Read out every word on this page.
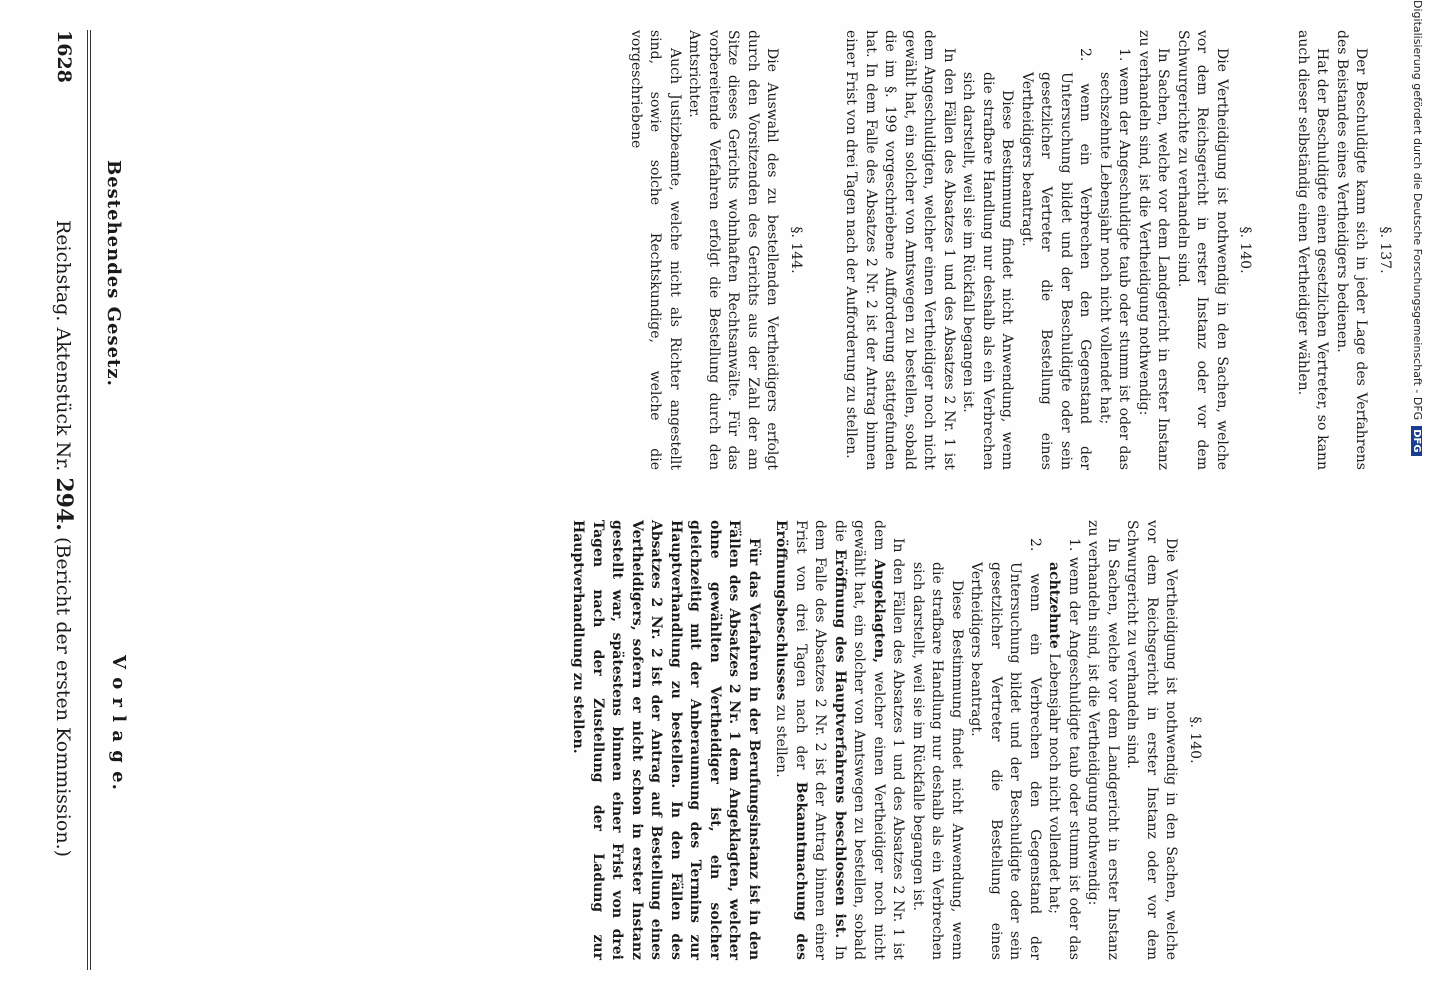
1628
Reichstag. Aktenstück Nr. 294. (Bericht der ersten Kommission.)
Bestehendes Gesetz.
V o r l a g e.

§. 137.

Der Beschuldigte kann sich in jeder Lage des Verfahrens des Beistandes eines Vertheidigers bedienen.

Hat der Beschuldigte einen gesetzlichen Vertreter, so kann auch dieser selbständig einen Vertheidiger wählen.

§. 140.

Die Vertheidigung ist nothwendig in den Sachen, welche vor dem Reichsgericht in erster Instanz oder vor dem Schwurgerichte zu verhandeln sind.

In Sachen, welche vor dem Landgericht in erster Instanz zu verhandeln sind, ist die Vertheidigung nothwendig:

1. wenn der Angeschuldigte taub oder stumm ist oder das sechszehnte Lebensjahr noch nicht vollendet hat;

2. wenn ein Verbrechen den Gegenstand der Untersuchung bildet und der Beschuldigte oder sein gesetzlicher Vertreter die Bestellung eines Vertheidigers beantragt.

Diese Bestimmung findet nicht Anwendung, wenn die strafbare Handlung nur deshalb als ein Verbrechen sich darstellt, weil sie im Rückfall begangen ist.

In den Fällen des Absatzes 1 und des Absatzes 2 Nr. 1 ist dem Angeschuldigten, welcher einen Vertheidiger noch nicht gewählt hat, ein solcher von Amtswegen zu bestellen, sobald die im §. 199 vorgeschriebene Aufforderung stattgefunden hat. In dem Falle des Absatzes 2 Nr. 2 ist der Antrag binnen einer Frist von drei Tagen nach der Aufforderung zu stellen.

§. 144.

Die Auswahl des zu bestellenden Vertheidigers erfolgt durch den Vorsitzenden des Gerichts aus der Zahl der am Sitze dieses Gerichts wohnhaften Rechtsanwälte. Für das vorbereitende Verfahren erfolgt die Bestellung durch den Amtsrichter.

Auch Justizbeamte, welche nicht als Richter angestellt sind, sowie solche Rechtskundige, welche die vorgeschriebene

§. 140.

Die Vertheidigung ist nothwendig in den Sachen, welche vor dem Reichsgericht in erster Instanz oder vor dem Schwurgericht zu verhandeln sind.

In Sachen, welche vor dem Landgericht in erster Instanz zu verhandeln sind, ist die Vertheidigung nothwendig:

1. wenn der Angeschuldigte taub oder stumm ist oder das achtzehnte Lebensjahr noch nicht vollendet hat;

2. wenn ein Verbrechen den Gegenstand der Untersuchung bildet und der Beschuldigte oder sein gesetzlicher Vertreter die Bestellung eines Vertheidigers beantragt.

Diese Bestimmung findet nicht Anwendung, wenn die strafbare Handlung nur deshalb als ein Verbrechen sich darstellt, weil sie im Rückfalle begangen ist.

In den Fällen des Absatzes 1 und des Absatzes 2 Nr. 1 ist dem Angeklagten, welcher einen Vertheidiger noch nicht gewählt hat, ein solcher von Amtswegen zu bestellen, sobald die Eröffnung des Hauptverfahrens beschlossen ist. In dem Falle des Absatzes 2 Nr. 2 ist der Antrag binnen einer Frist von drei Tagen nach der Bekanntmachung des Eröffnungsbeschlusses zu stellen.

Für das Verfahren in der Berufungsinstanz ist in den Fällen des Absatzes 2 Nr. 1 dem Angeklagten, welcher ohne gewählten Vertheidiger ist, ein solcher gleichzeitig mit der Anberaumung des Termins zur Hauptverhandlung zu bestellen. In den Fällen des Absatzes 2 Nr. 2 ist der Antrag auf Bestellung eines Vertheidigers, sofern er nicht schon in erster Instanz gestellt war, spätestens binnen einer Frist von drei Tagen nach der Zustellung der Ladung zur Hauptverhandlung zu stellen.

Digitalisierung gefördert durch die Deutsche Forschungsgemeinschaft - DFGDFG
